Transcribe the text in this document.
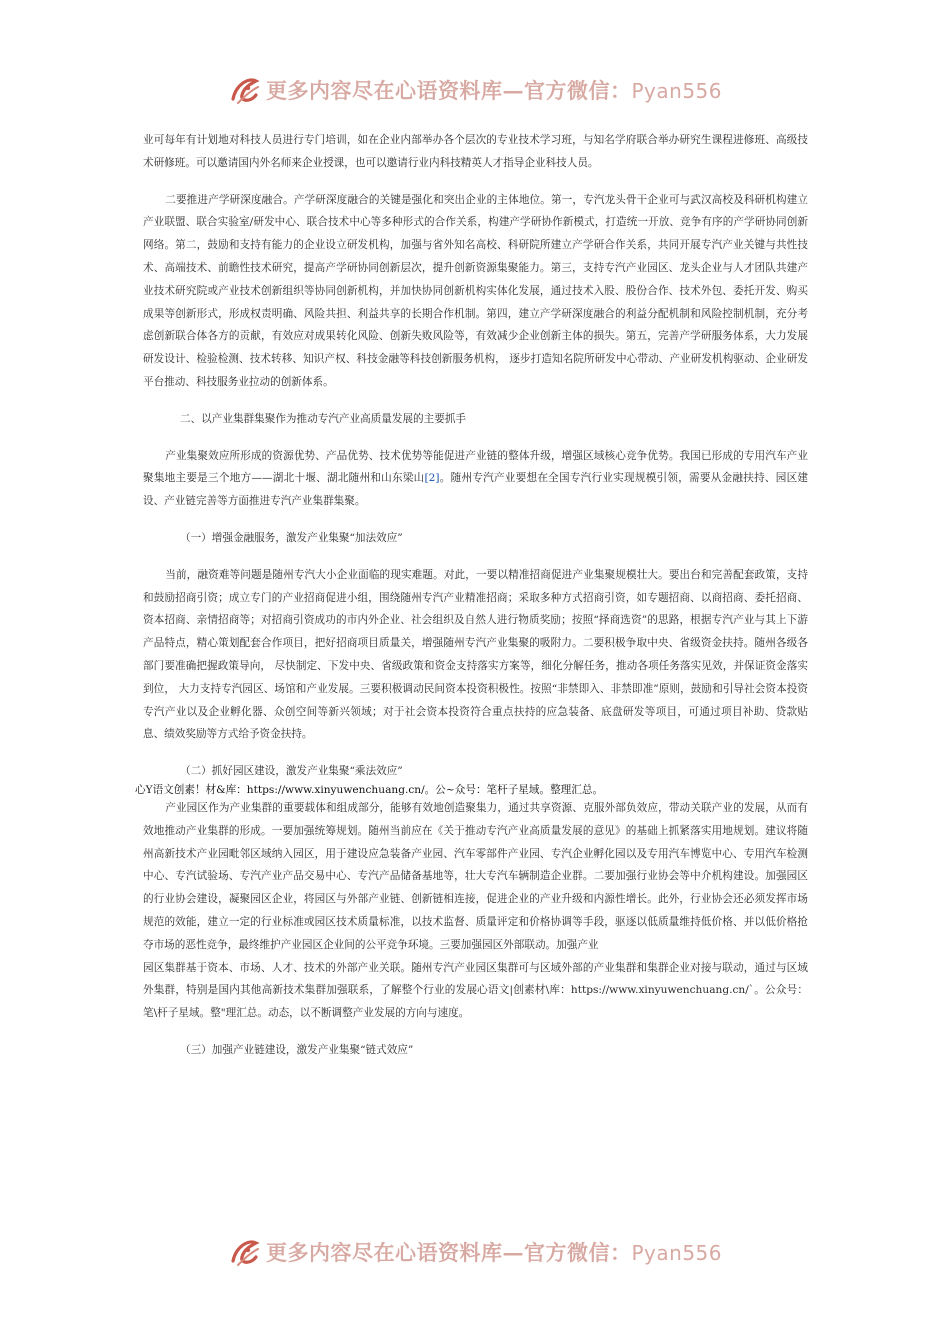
更多内容尽在心语资料库—官方微信：Pyan556

业可每年有计划地对科技人员进行专门培训，如在企业内部举办各个层次的专业技术学习班，与知名学府联合举办研究生课程进修班、高级技术研修班。可以邀请国内外名师来企业授课，也可以邀请行业内科技精英人才指导企业科技人员。

二要推进产学研深度融合。产学研深度融合的关键是强化和突出企业的主体地位。第一，专汽龙头骨干企业可与武汉高校及科研机构建立产业联盟、联合实验室/研发中心、联合技术中心等多种形式的合作关系，构建产学研协作新模式，打造统一开放、竞争有序的产学研协同创新网络。第二，鼓励和支持有能力的企业设立研发机构，加强与省外知名高校、科研院所建立产学研合作关系，共同开展专汽产业关键与共性技术、高端技术、前瞻性技术研究，提高产学研协同创新层次，提升创新资源集聚能力。第三，支持专汽产业园区、龙头企业与人才团队共建产业技术研究院或产业技术创新组织等协同创新机构，并加快协同创新机构实体化发展，通过技术入股、股份合作、技术外包、委托开发、购买成果等创新形式，形成权责明确、风险共担、利益共享的长期合作机制。第四，建立产学研深度融合的利益分配机制和风险控制机制，充分考虑创新联合体各方的贡献，有效应对成果转化风险、创新失败风险等，有效减少企业创新主体的损失。第五，完善产学研服务体系，大力发展研发设计、检验检测、技术转移、知识产权、科技金融等科技创新服务机构， 逐步打造知名院所研发中心带动、产业研发机构驱动、企业研发平台推动、科技服务业拉动的创新体系。

二、以产业集群集聚作为推动专汽产业高质量发展的主要抓手

产业集聚效应所形成的资源优势、产品优势、技术优势等能促进产业链的整体升级，增强区域核心竞争优势。我国已形成的专用汽车产业聚集地主要是三个地方——湖北十堰、湖北随州和山东梁山[2]。随州专汽产业要想在全国专汽行业实现规模引领，需要从金融扶持、园区建设、产业链完善等方面推进专汽产业集群集聚。

（一）增强金融服务，激发产业集聚“加法效应”

当前，融资难等问题是随州专汽大小企业面临的现实难题。对此，一要以精准招商促进产业集聚规模壮大。要出台和完善配套政策，支持和鼓励招商引资；成立专门的产业招商促进小组，围绕随州专汽产业精准招商；采取多种方式招商引资，如专题招商、以商招商、委托招商、资本招商、亲情招商等；对招商引资成功的市内外企业、社会组织及自然人进行物质奖励；按照“择商选资”的思路，根据专汽产业与其上下游产品特点，精心策划配套合作项目，把好招商项目质量关，增强随州专汽产业集聚的吸附力。二要积极争取中央、省级资金扶持。随州各级各部门要准确把握政策导向， 尽快制定、下发中央、省级政策和资金支持落实方案等，细化分解任务，推动各项任务落实见效，并保证资金落实到位， 大力支持专汽园区、场馆和产业发展。三要积极调动民间资本投资积极性。按照“非禁即入、非禁即准”原则，鼓励和引导社会资本投资专汽产业以及企业孵化器、众创空间等新兴领域；对于社会资本投资符合重点扶持的应急装备、底盘研发等项目，可通过项目补助、贷款贴息、绩效奖励等方式给予资金扶持。

（二）抓好园区建设，激发产业集聚“乘法效应”

心Y语文创素！材&库：https://www.xinyuwenchuang.cn/。公~众号：笔杆子星域。整理汇总。

产业园区作为产业集群的重要载体和组成部分，能够有效地创造聚集力，通过共享资源、克服外部负效应，带动关联产业的发展，从而有效地推动产业集群的形成。一要加强统筹规划。随州当前应在《关于推动专汽产业高质量发展的意见》的基础上抓紧落实用地规划。建议将随州高新技术产业园毗邻区域纳入园区，用于建设应急装备产业园、汽车零部件产业园、专汽企业孵化园以及专用汽车博览中心、专用汽车检测中心、专汽试验场、专汽产业产品交易中心、专汽产品储备基地等，壮大专汽车辆制造企业群。二要加强行业协会等中介机构建设。加强园区的行业协会建设，凝聚园区企业，将园区与外部产业链、创新链相连接，促进企业的产业升级和内源性增长。此外，行业协会还必须发挥市场规范的效能，建立一定的行业标准或园区技术质量标准，以技术监督、质量评定和价格协调等手段，驱逐以低质量维持低价格、并以低价格抢夺市场的恶性竞争，最终维护产业园区企业间的公平竞争环境。三要加强园区外部联动。加强产业

园区集群基于资本、市场、人才、技术的外部产业关联。随州专汽产业园区集群可与区域外部的产业集群和集群企业对接与联动，通过与区域外集群，特别是国内其他高新技术集群加强联系，了解整个行业的发展心语文|创素材\库：https://www.xinyuwenchuang.cn/`。公众号：笔\杆子星域。整"理汇总。动态，以不断调整产业发展的方向与速度。

（三）加强产业链建设，激发产业集聚“链式效应”

更多内容尽在心语资料库—官方微信：Pyan556
